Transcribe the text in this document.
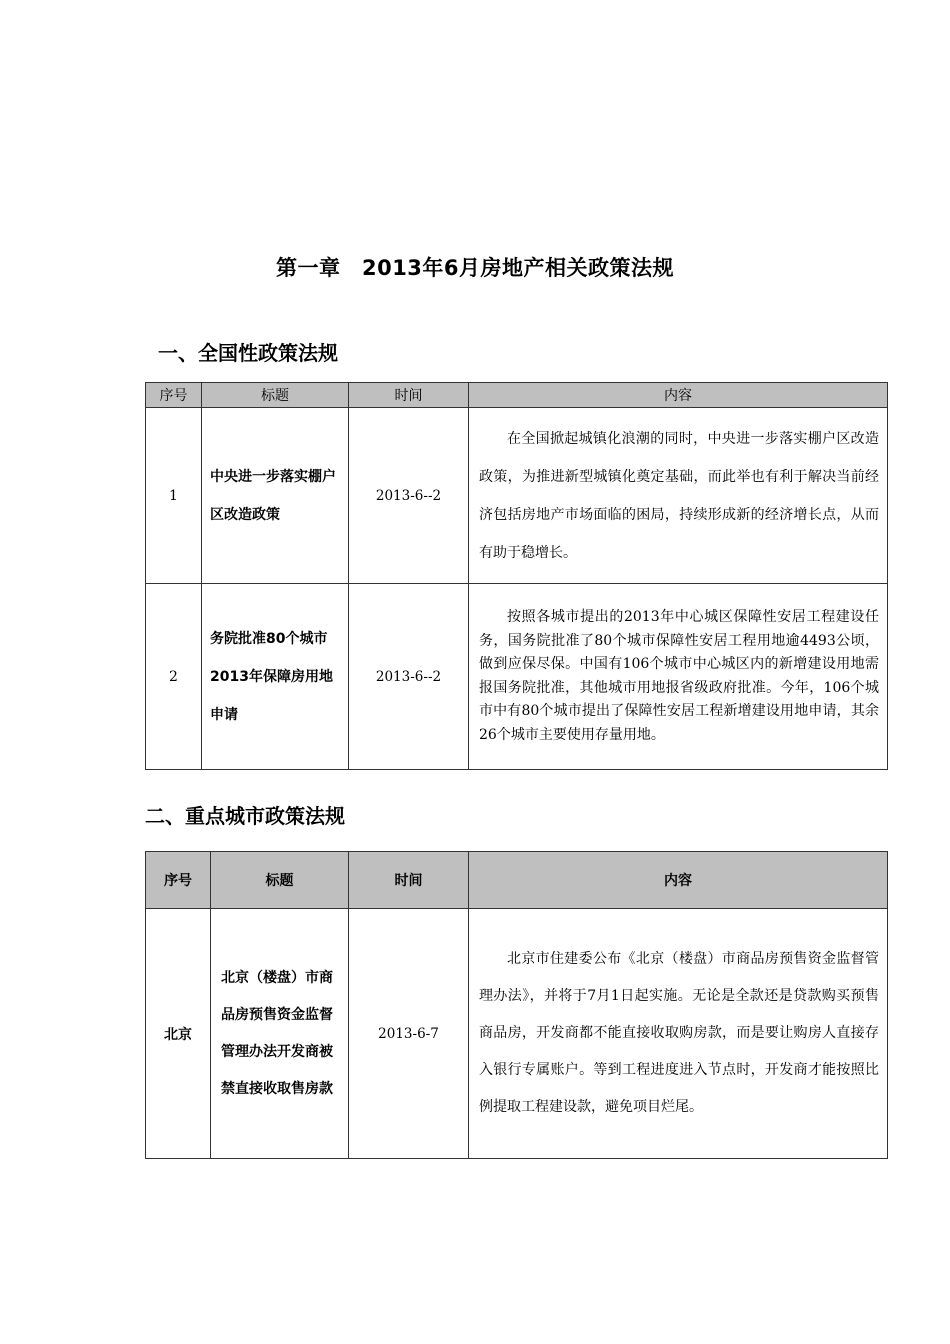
第一章　2013年6月房地产相关政策法规
一、全国性政策法规
序号	标题	时间	内容
1	中央进一步落实棚户区改造政策	2013-6--2	在全国掀起城镇化浪潮的同时，中央进一步落实棚户区改造政策，为推进新型城镇化奠定基础，而此举也有利于解决当前经济包括房地产市场面临的困局，持续形成新的经济增长点，从而有助于稳增长。

2	务院批准80个城市2013年保障房用地申请	2013-6--2	按照各城市提出的2013年中心城区保障性安居工程建设任务，国务院批准了80个城市保障性安居工程用地逾4493公顷，做到应保尽保。中国有106个城市中心城区内的新增建设用地需报国务院批准，其他城市用地报省级政府批准。今年，106个城市中有80个城市提出了保障性安居工程新增建设用地申请，其余26个城市主要使用存量用地。
二、重点城市政策法规
序号	标题	时间	内容
北京	北京（楼盘）市商品房预售资金监督管理办法开发商被禁直接收取售房款	2013-6-7	北京市住建委公布《北京（楼盘）市商品房预售资金监督管理办法》，并将于7月1日起实施。无论是全款还是贷款购买预售商品房，开发商都不能直接收取购房款，而是要让购房人直接存入银行专属账户。等到工程进度进入节点时，开发商才能按照比例提取工程建设款，避免项目烂尾。
